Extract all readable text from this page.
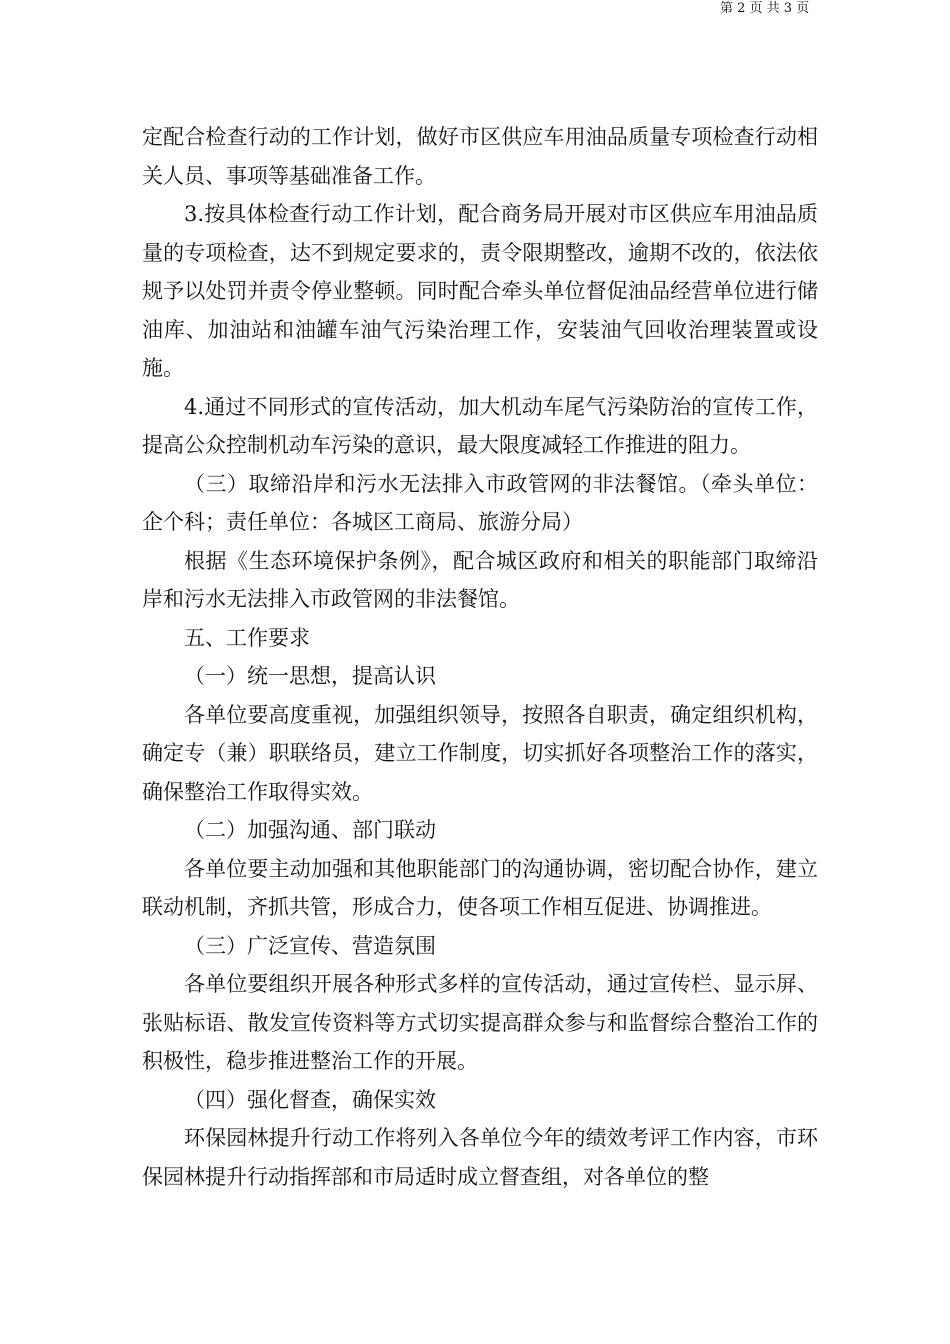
定配合检查行动的工作计划，做好市区供应车用油品质量专项检查行动相关人员、事项等基础准备工作。

3.按具体检查行动工作计划，配合商务局开展对市区供应车用油品质量的专项检查，达不到规定要求的，责令限期整改，逾期不改的，依法依规予以处罚并责令停业整顿。同时配合牵头单位督促油品经营单位进行储油库、加油站和油罐车油气污染治理工作，安装油气回收治理装置或设施。

4.通过不同形式的宣传活动，加大机动车尾气污染防治的宣传工作，提高公众控制机动车污染的意识，最大限度减轻工作推进的阻力。

（三）取缔沿岸和污水无法排入市政管网的非法餐馆。（牵头单位：企个科；责任单位：各城区工商局、旅游分局）

根据《生态环境保护条例》，配合城区政府和相关的职能部门取缔沿岸和污水无法排入市政管网的非法餐馆。

五、工作要求

（一）统一思想，提高认识

各单位要高度重视，加强组织领导，按照各自职责，确定组织机构，确定专（兼）职联络员，建立工作制度，切实抓好各项整治工作的落实，确保整治工作取得实效。

（二）加强沟通、部门联动

各单位要主动加强和其他职能部门的沟通协调，密切配合协作，建立联动机制，齐抓共管，形成合力，使各项工作相互促进、协调推进。

（三）广泛宣传、营造氛围

各单位要组织开展各种形式多样的宣传活动，通过宣传栏、显示屏、张贴标语、散发宣传资料等方式切实提高群众参与和监督综合整治工作的积极性，稳步推进整治工作的开展。

（四）强化督查，确保实效

环保园林提升行动工作将列入各单位今年的绩效考评工作内容，市环保园林提升行动指挥部和市局适时成立督查组，对各单位的整

第 2 页 共 3 页
